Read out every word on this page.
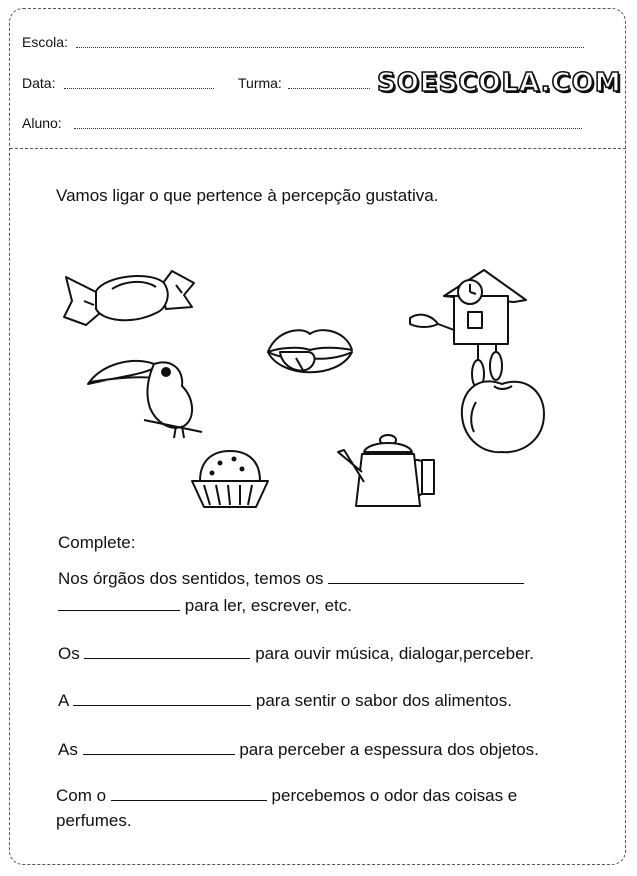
Escola:
Data:	Turma:	SOESCOLA.COM
Aluno:
Vamos ligar o que pertence à percepção gustativa.
Complete:
Nos órgãos dos sentidos, temos os
para ler, escrever, etc.
Os	para ouvir música, dialogar,perceber.
A	para sentir o sabor dos alimentos.
As	para perceber a espessura dos objetos.
Com o	percebemos o odor das coisas e
perfumes.
